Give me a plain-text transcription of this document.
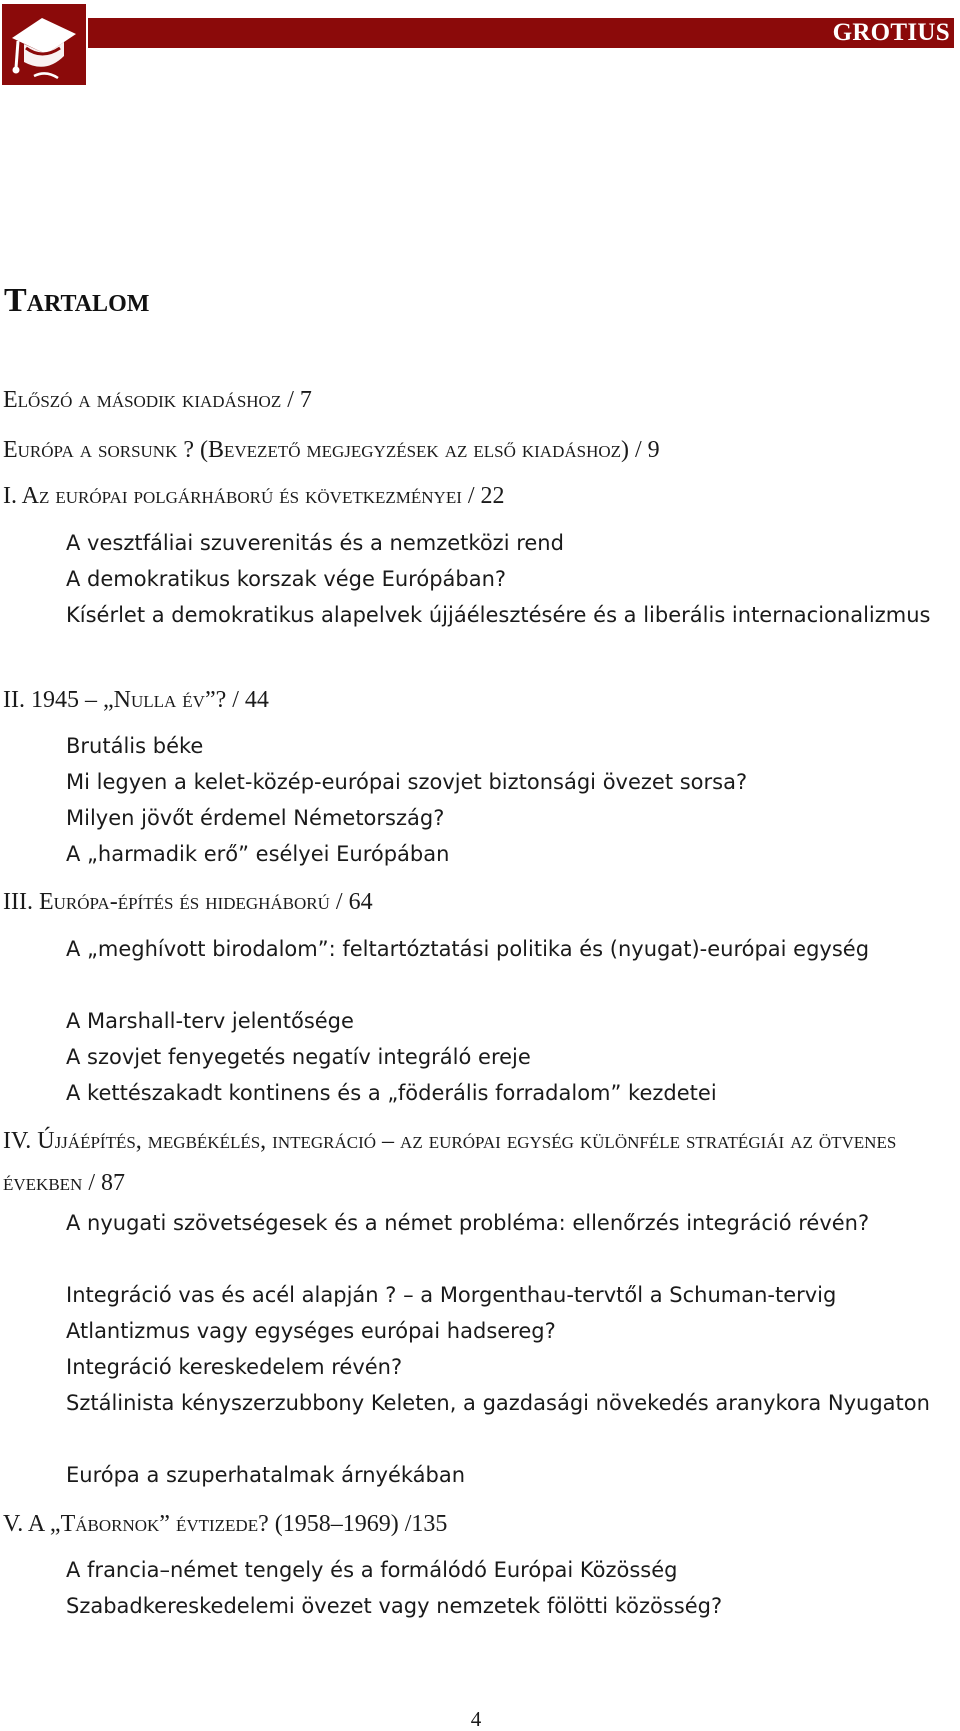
GROTIUS
Tartalom
Előszó a második kiadáshoz / 7
Európa a sorsunk ? (Bevezető megjegyzések az első kiadáshoz) / 9
I. Az európai polgárháború és következményei / 22
A vesztfáliai szuverenitás és a nemzetközi rend
A demokratikus korszak vége Európában?
Kísérlet a demokratikus alapelvek újjáélesztésére és a liberális internacionalizmus
II. 1945 – „Nulla év”? / 44
Brutális béke
Mi legyen a kelet-közép-európai szovjet biztonsági övezet sorsa?
Milyen jövőt érdemel Németország?
A „harmadik erő” esélyei Európában
III. Európa-építés és hidegháború / 64
A „meghívott birodalom”: feltartóztatási politika és (nyugat)-európai egység
A Marshall-terv jelentősége
A szovjet fenyegetés negatív integráló ereje
A kettészakadt kontinens és a „föderális forradalom” kezdetei
IV. Újjáépítés, megbékélés, integráció – az európai egység különféle stratégiái az ötvenes években / 87
A nyugati szövetségesek és a német probléma: ellenőrzés integráció révén?
Integráció vas és acél alapján ? – a Morgenthau-tervtől a Schuman-tervig
Atlantizmus vagy egységes európai hadsereg?
Integráció kereskedelem révén?
Sztálinista kényszerzubbony Keleten, a gazdasági növekedés aranykora Nyugaton
Európa a szuperhatalmak árnyékában
V. A „Tábornok” évtizede? (1958–1969) /135
A francia–német tengely és a formálódó Európai Közösség
Szabadkereskedelemi övezet vagy nemzetek fölötti közösség?
4
